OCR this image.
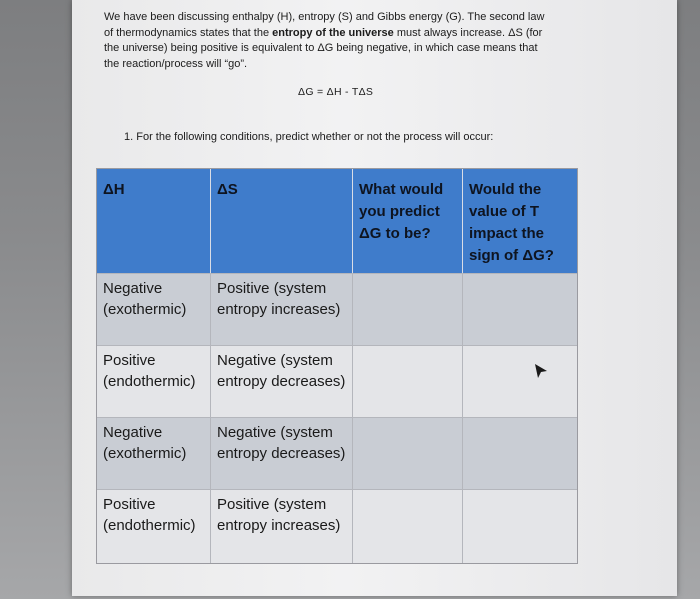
We have been discussing enthalpy (H), entropy (S) and Gibbs energy (G). The second law of thermodynamics states that the entropy of the universe must always increase. ΔS (for the universe) being positive is equivalent to ΔG being negative, in which case means that the reaction/process will “go”.
ΔG = ΔH - TΔS
1. For the following conditions, predict whether or not the process will occur:
ΔH	ΔS	What would you predict ΔG to be?
Would the value of T impact the sign of ΔG?
Negative (exothermic)
Positive (system entropy increases)
Positive (endothermic)
Negative (system entropy decreases)
Negative (exothermic)
Negative (system entropy decreases)
Positive (endothermic)
Positive (system entropy increases)
